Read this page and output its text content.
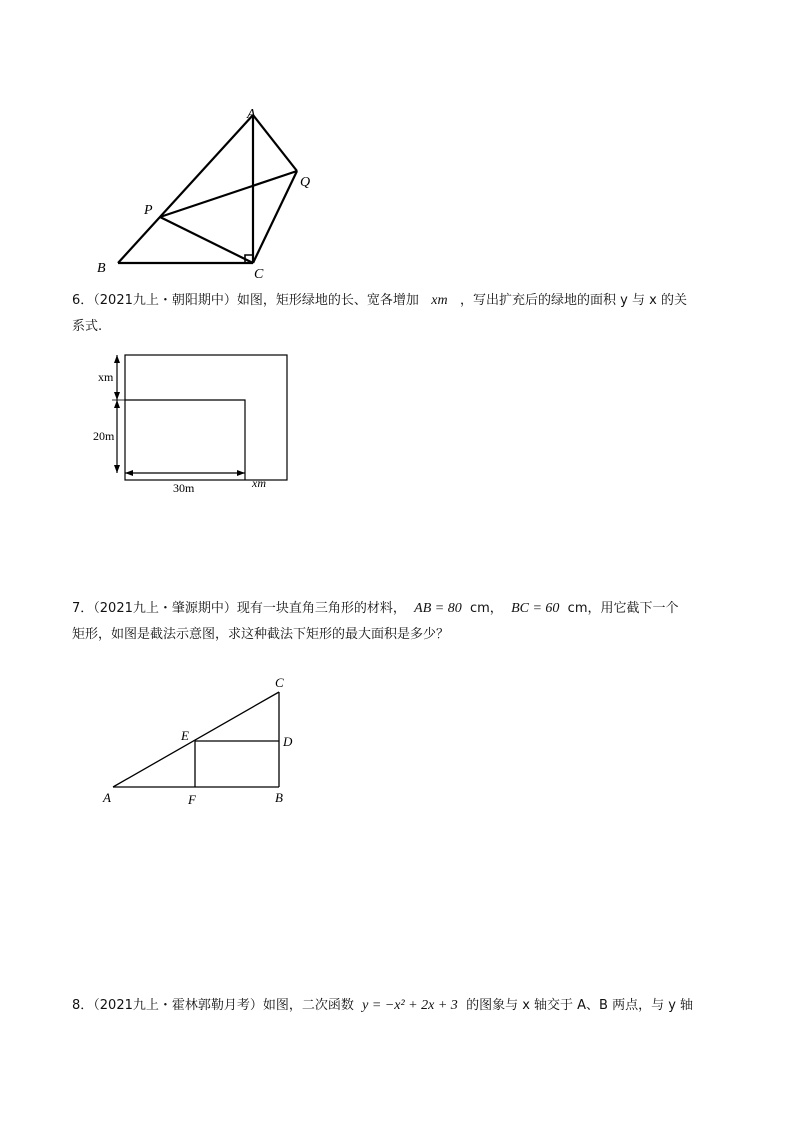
A
B	C
P
Q
6．（2021九上・朝阳期中）如图，矩形绿地的长、宽各增加 xm ，写出扩充后的绿地的面积 y 与 x 的关
系式.
xm
20m
30m	xm
7．（2021九上・肇源期中）现有一块直角三角形的材料， AB = 80 cm， BC = 60 cm，用它截下一个
矩形，如图是截法示意图，求这种截法下矩形的最大面积是多少？
C
E	D
A	F	B
8．（2021九上・霍林郭勒月考）如图，二次函数 y = −x² + 2x + 3 的图象与 x 轴交于 A、B 两点，与 y 轴
